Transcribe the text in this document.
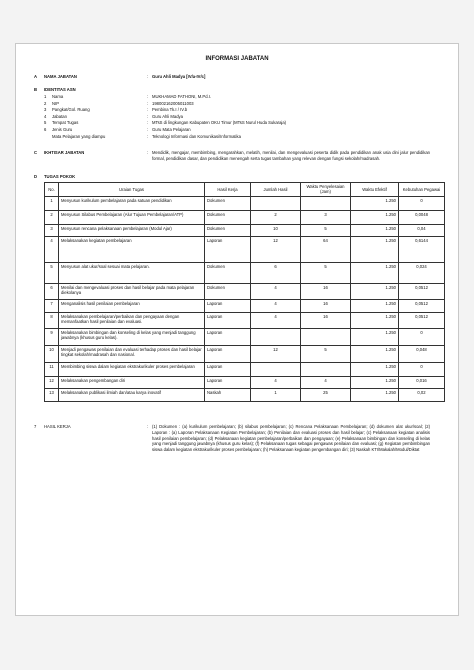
INFORMASI JABATAN
A NAMA JABATAN	: Guru Ahli Madya [IV/a-IV/c]
B IDENTITAS ASN
1 Nama	: MUKHAMAD FATHONI, M.Pd.I.
2 NIP	: 198002162005011003
3 Pangkat/Gol. Ruang	: Pembina Tk.I / IV.b
4 Jabatan	: Guru Ahli Madya
5 Tempat Tugas	: MTsS di lingkungan Kabupaten OKU Timur (MTsS Nurul Huda Sukaraja)
6 Jenis Guru	: Guru Mata Pelajaran
Mata Pelajaran yang diampu	: Teknologi Informasi dan Komunikasi/Informatika
C IKHTISAR JABATAN	: Mendidik, mengajar, membimbing, mengarahkan, melatih, menilai, dan mengevaluasi peserta didik pada pendidikan anak usia dini jalur pendidikan formal, pendidikan dasar, dan pendidikan menengah serta tugas tambahan yang relevan dengan fungsi sekolah/madrasah.
D TUGAS POKOK
No.	Uraian Tugas	Hasil Kerja	Jumlah Hasil	Waktu Penyelesaian (Jam)	Waktu Efektif	Kebutuhan Pegawai
1	Menyusun kurikulum pembelajaran pada satuan pendidikan	Dokumen			1.250	0
2	Menyusun Silabus Pembelajaran (Alur Tujuan Pembelajaran/ATP)	Dokumen	2	3	1.250	0,0048
3	Menyusun rencana pelaksanaan pembelajaran (Modul Ajar)	Dokumen	10	5	1.250	0,04
4	Melaksanakan kegiatan pembelajaran	Laporan	12	64	1.250	0,6144
5	Menyusun alat ukur/soal sesuai mata pelajaran.	Dokumen	6	5	1.250	0,024
6	Menilai dan mengevaluasi proses dan hasil belajar pada mata pelajaran diekolanya	Dokumen	4	16	1.250	0,0512
7	Menganalisis hasil penilaian pembelajaran	Laporan	4	16	1.250	0,0512
8	Melaksanakan pembelajaran/perbaikan dan pengayaan dengan memanfaatkan hasil penilaian dan evaluasi.	Laporan	4	16	1.250	0,0512
9	Melaksanakan bimbingan dan konseling di kelas yang menjadi tanggung jawabnya (khusus guru kelas).	Laporan			1.250	0
10	Menjadi pengawas penilaian dan evaluasi terhadap proses dan hasil belajar tingkat sekolah/madrasah dan nasional.	Laporan	12	5	1.250	0,048
11	Membimbing siswa dalam kegiatan ekstrakurikuler proses pembelajaran	Laporan			1.250	0
12	Melaksanakan pengembangan diri	Laporan	4	4	1.250	0,016
13	Melaksanakan publikasi ilmiah dan/atau karya inovatif	Naskah	1	25	1.250	0,02
7 HASIL KERJA	: (1) Dokumen : (a) kurikulum pembelajaran; (b) silabus pembelajaran; (c) Rencana Pelaksanaan Pembelajaran; (d) dokumen alat ukur/soal; (2) Laporan : (a) Laporan Pelaksanaan Kegiatan Pembelajaran; (b) Penilaian dan evaluasi proses dan hasil belajar; (c) Pelaksanaan kegiatan analisis hasil penilaian pembelajaran; (d) Pelaksanaan kegiatan pembelajaran/perbaikan dan pengayaan; (e) Pelaksanaan bimbingan dan konseling di kelas yang menjadi tanggung jawabnya (khusus guru kelas); (f) Pelaksanaan tugas sebagai pengawas penilaian dan evaluasi; (g) Kegiatan pembimbingan siswa dalam kegiatan ekstrakurikuler proses pembelajaran; (h) Pelaksanaan kegiatan pengembangan diri; (3) Naskah KTI/Makalah/Modul/Diktat
